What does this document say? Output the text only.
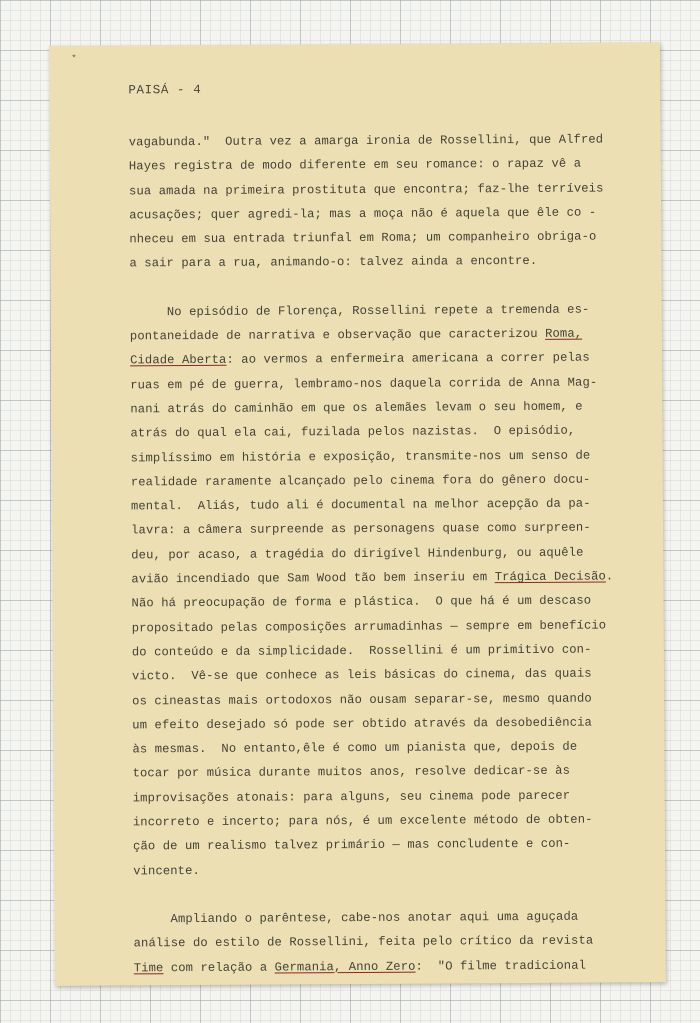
*
PAISÁ - 4
vagabunda."  Outra vez a amarga ironia de Rossellini, que Alfred
Hayes registra de modo diferente em seu romance: o rapaz vê a
sua amada na primeira prostituta que encontra; faz-lhe terríveis
acusações; quer agredi-la; mas a moça não é aquela que êle co -
nheceu em sua entrada triunfal em Roma; um companheiro obriga-o
a sair para a rua, animando-o: talvez ainda a encontre.
No episódio de Florença, Rossellini repete a tremenda es-
pontaneidade de narrativa e observação que caracterizou Roma,
Cidade Aberta: ao vermos a enfermeira americana a correr pelas
ruas em pé de guerra, lembramo-nos daquela corrida de Anna Mag-
nani atrás do caminhão em que os alemães levam o seu homem, e
atrás do qual ela cai, fuzilada pelos nazistas.  O episódio,
simplíssimo em história e exposição, transmite-nos um senso de
realidade raramente alcançado pelo cinema fora do gênero docu-
mental.  Aliás, tudo ali é documental na melhor acepção da pa-
lavra: a câmera surpreende as personagens quase como surpreen-
deu, por acaso, a tragédia do dirigível Hindenburg, ou aquêle
avião incendiado que Sam Wood tão bem inseriu em Trágica Decisão.
Não há preocupação de forma e plástica.  O que há é um descaso
propositado pelas composições arrumadinhas — sempre em benefício
do conteúdo e da simplicidade.  Rossellini é um primitivo con-
victo.  Vê-se que conhece as leis básicas do cinema, das quais
os cineastas mais ortodoxos não ousam separar-se, mesmo quando
um efeito desejado só pode ser obtido através da desobediência
às mesmas.  No entanto,êle é como um pianista que, depois de
tocar por música durante muitos anos, resolve dedicar-se às
improvisações atonais: para alguns, seu cinema pode parecer
incorreto e incerto; para nós, é um excelente método de obten-
ção de um realismo talvez primário — mas concludente e con-
vincente.
Ampliando o parêntese, cabe-nos anotar aqui uma aguçada
análise do estilo de Rossellini, feita pelo crítico da revista
Time com relação a Germania, Anno Zero:  "O filme tradicional
